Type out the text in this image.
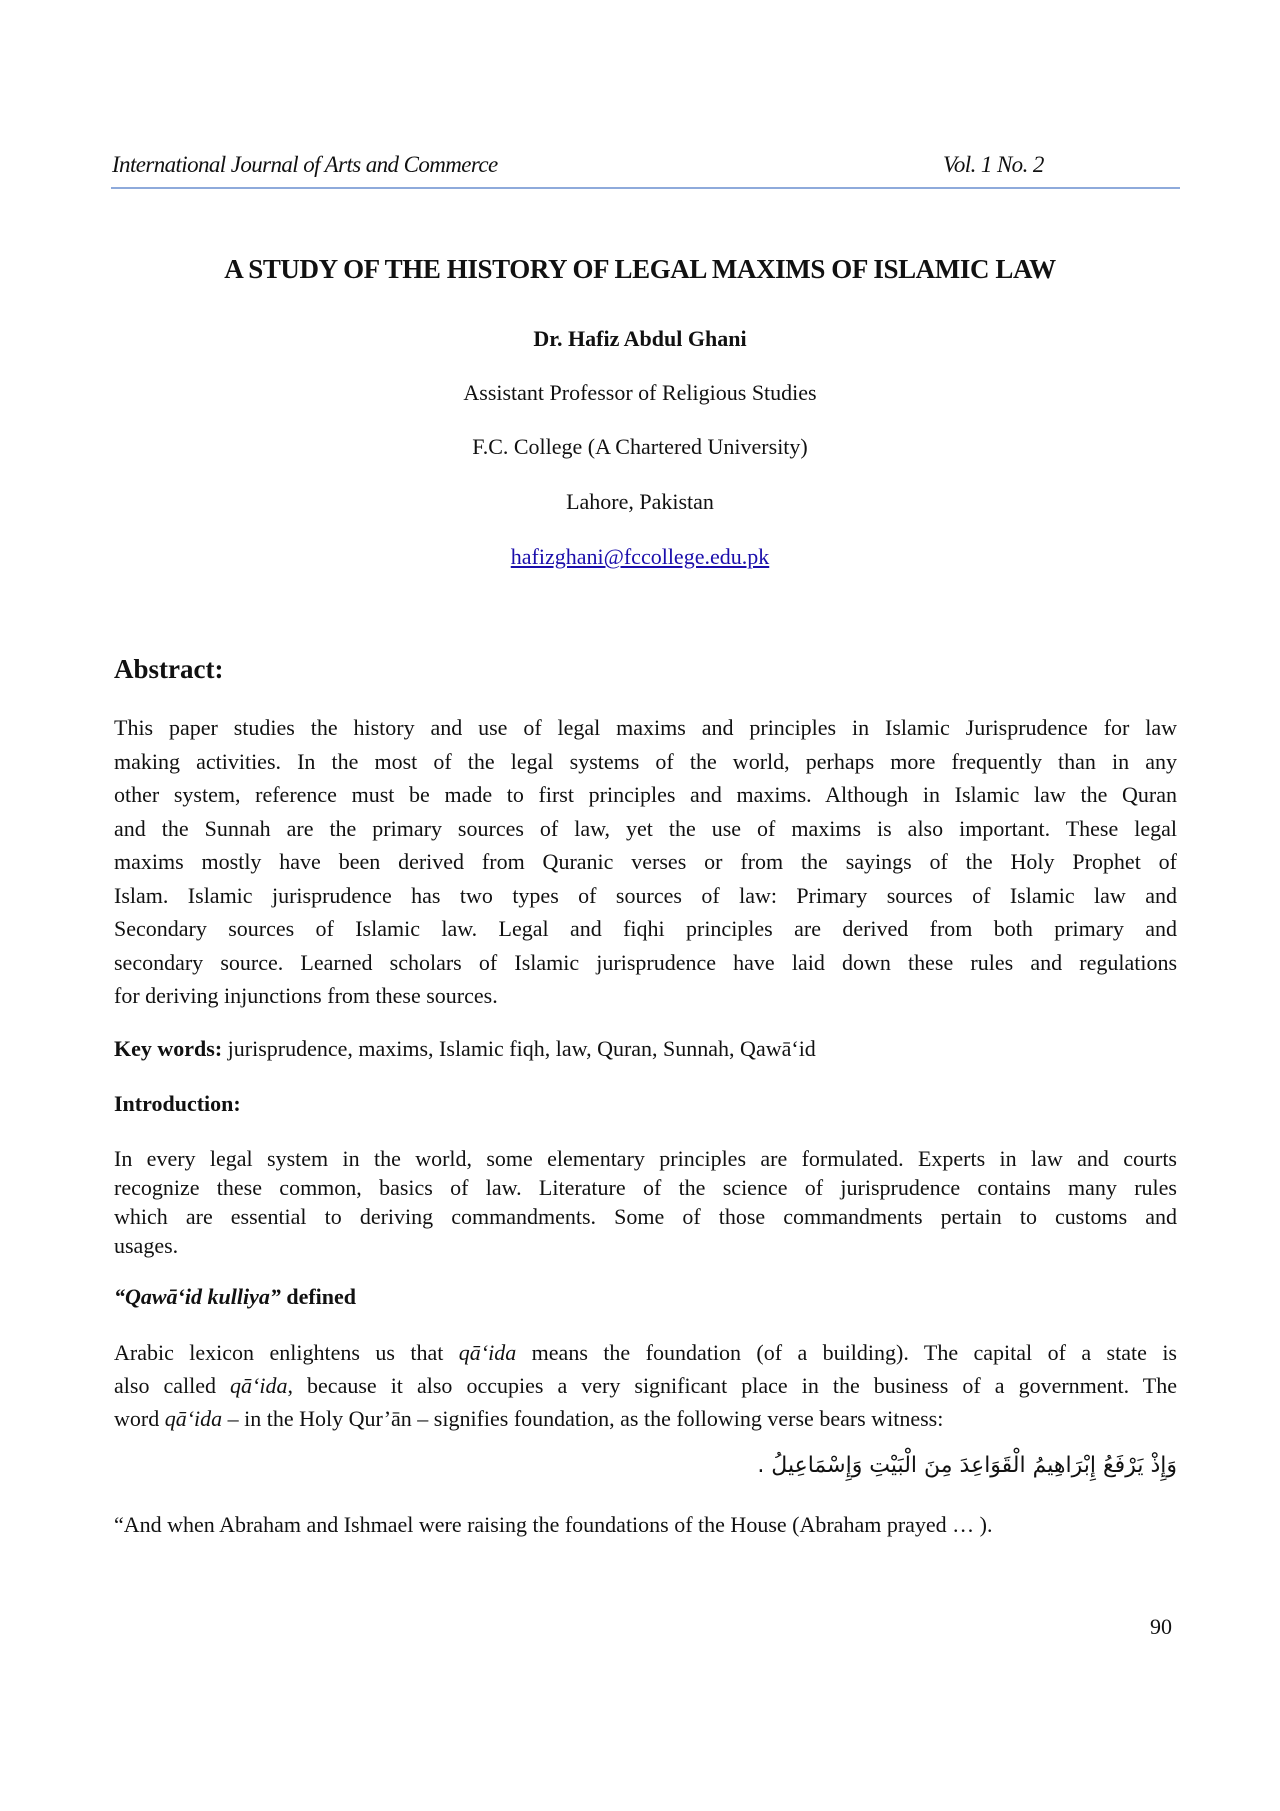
International Journal of Arts and Commerce	Vol. 1 No. 2
A STUDY OF THE HISTORY OF LEGAL MAXIMS OF ISLAMIC LAW
Dr. Hafiz Abdul Ghani
Assistant Professor of Religious Studies
F.C. College (A Chartered University)
Lahore, Pakistan
hafizghani@fccollege.edu.pk
Abstract:
This paper studies the history and use of legal maxims and principles in Islamic Jurisprudence for law
making activities. In the most of the legal systems of the world, perhaps more frequently than in any
other system, reference must be made to first principles and maxims. Although in Islamic law the Quran
and the Sunnah are the primary sources of law, yet the use of maxims is also important. These legal
maxims mostly have been derived from Quranic verses or from the sayings of the Holy Prophet of
Islam. Islamic jurisprudence has two types of sources of law: Primary sources of Islamic law and
Secondary sources of Islamic law. Legal and fiqhi principles are derived from both primary and
secondary source. Learned scholars of Islamic jurisprudence have laid down these rules and regulations
for deriving injunctions from these sources.
Key words: jurisprudence, maxims, Islamic fiqh, law, Quran, Sunnah, Qawā‘id
Introduction:
In every legal system in the world, some elementary principles are formulated. Experts in law and courts
recognize these common, basics of law. Literature of the science of jurisprudence contains many rules
which are essential to deriving commandments. Some of those commandments pertain to customs and
usages.
“Qawā‘id kulliya” defined
Arabic lexicon enlightens us that qā‘ida means the foundation (of a building). The capital of a state is
also called qā‘ida, because it also occupies a very significant place in the business of a government. The
word qā‘ida – in the Holy Qur’ān – signifies foundation, as the following verse bears witness:
وَإِذْ يَرْفَعُ إِبْرَاهِيمُ الْقَوَاعِدَ مِنَ الْبَيْتِ وَإِسْمَاعِيلُ .
“And when Abraham and Ishmael were raising the foundations of the House (Abraham prayed … ).
90
